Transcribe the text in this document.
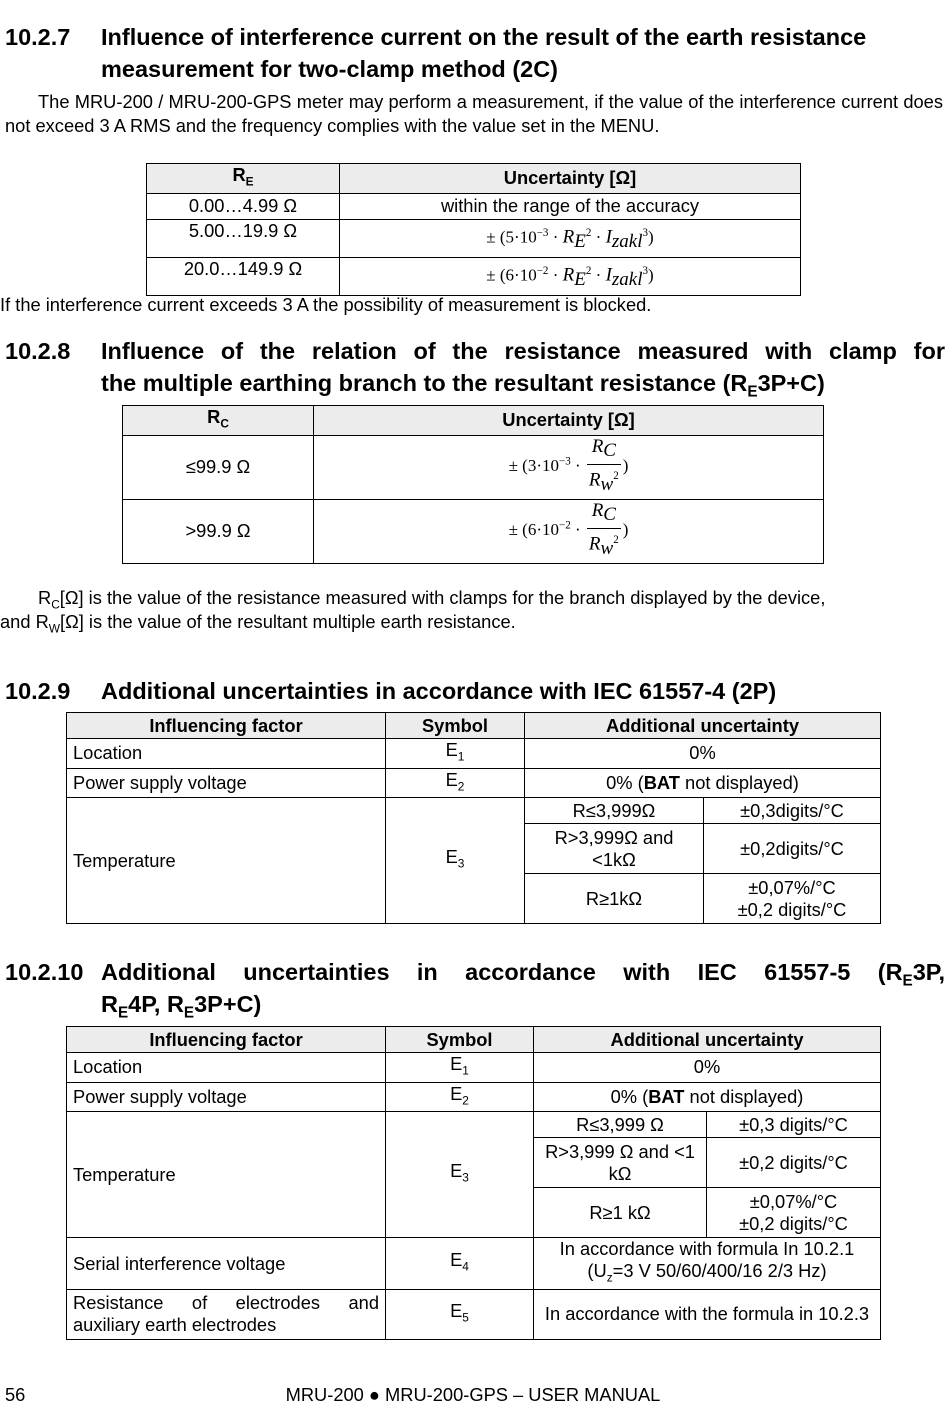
10.2.7 Influence of interference current on the result of the earth resistance
measurement for two-clamp method (2C)
The MRU-200 / MRU-200-GPS meter may perform a measurement, if the value of the interference current does not exceed 3 A RMS and the frequency complies with the value set in the MENU.
$R_E$	Uncertainty [Ω]
0.00…4.99 Ω	within the range of the accuracy
5.00…19.9 Ω	± $(5\cdot 10^{-3} \cdot R_E^2 \cdot I_{zakl}^3)$
20.0…149.9 Ω	± $(6\cdot 10^{-2} \cdot R_E^2 \cdot I_{zakl}^3)$
If the interference current exceeds 3 A the possibility of measurement is blocked.
10.2.8 Influence of the relation of the resistance measured with clamp for
the multiple earthing branch to the resultant resistance $(R_E3P+C)$
$R_C$	Uncertainty [Ω]
≤99.9 Ω	± ($3\cdot 10^{-3} \cdot \frac{R_C}{R_w^2}$ )
>99.9 Ω	± ($6\cdot 10^{-2} \cdot \frac{R_C}{R_w^2}$ )
$R_C[\Omega]$ is the value of the resistance measured with clamps for the branch displayed by the device,
and $R_W[\Omega]$ is the value of the resultant multiple earth resistance.
10.2.9 Additional uncertainties in accordance with IEC 61557-4 (2P)
Influencing factor	Symbol	Additional uncertainty	
Location	$E_1$	0%	
Power supply voltage	$E_2$	0% (BAT not displayed)	
Temperature	$E_3$	R≤3,999Ω	±0,3digits/°C
		R>3,999Ω and <1kΩ	±0,2digits/°C
		R≥1kΩ	±0,07%/°C
±0,2 digits/°C
10.2.10 Additional uncertainties in accordance with IEC 61557-5 ($R_E3P$,
$R_E4P$, $R_E3P+C$)
Influencing factor	Symbol	Additional uncertainty	
Location	$E_1$	0%	
Power supply voltage	$E_2$	0% (BAT not displayed)	
Temperature	$E_3$	R≤3,999 Ω	±0,3 digits/°C
		R>3,999 Ω and <1 kΩ	±0,2 digits/°C
		R≥1 kΩ	±0,07%/°C
±0,2 digits/°C
Serial interference voltage	$E_4$	In accordance with formula In 10.2.1
($U_z=3$ V 50/60/400/16 2/3 Hz)	
Resistance of electrodes and auxiliary earth electrodes	$E_5$	In accordance with the formula in 10.2.3	
56	MRU-200 ● MRU-200-GPS – USER MANUAL
